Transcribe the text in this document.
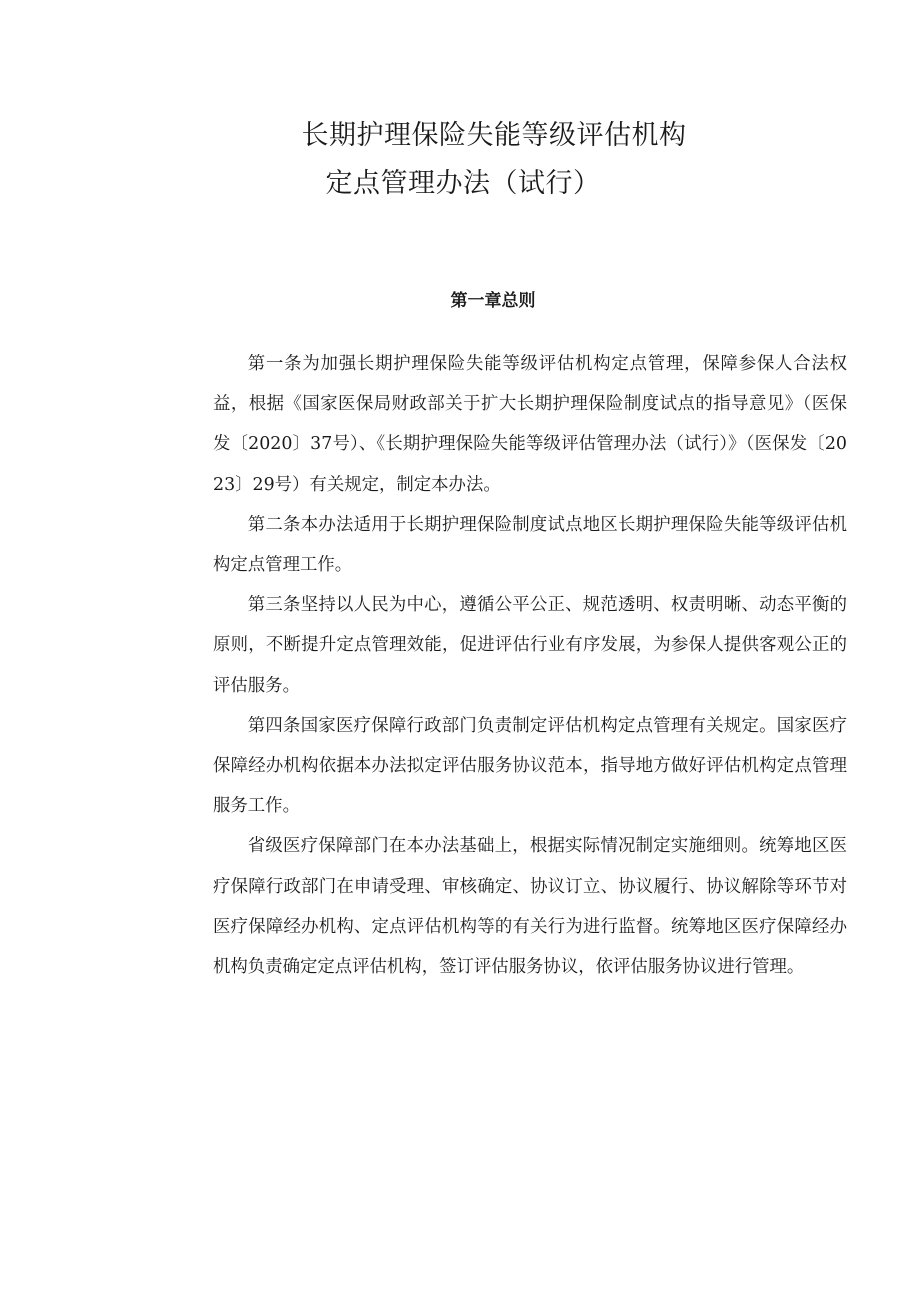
长期护理保险失能等级评估机构
定点管理办法（试行）
第一章总则

第一条为加强长期护理保险失能等级评估机构定点管理，保障参保人合法权益，根据《国家医保局财政部关于扩大长期护理保险制度试点的指导意见》（医保发〔2020〕37号）、《长期护理保险失能等级评估管理办法（试行）》（医保发〔2023〕29号）有关规定，制定本办法。

第二条本办法适用于长期护理保险制度试点地区长期护理保险失能等级评估机构定点管理工作。

第三条坚持以人民为中心，遵循公平公正、规范透明、权责明晰、动态平衡的原则，不断提升定点管理效能，促进评估行业有序发展，为参保人提供客观公正的评估服务。

第四条国家医疗保障行政部门负责制定评估机构定点管理有关规定。国家医疗保障经办机构依据本办法拟定评估服务协议范本，指导地方做好评估机构定点管理服务工作。

省级医疗保障部门在本办法基础上，根据实际情况制定实施细则。统筹地区医疗保障行政部门在申请受理、审核确定、协议订立、协议履行、协议解除等环节对医疗保障经办机构、定点评估机构等的有关行为进行监督。统筹地区医疗保障经办机构负责确定定点评估机构，签订评估服务协议，依评估服务协议进行管理。
